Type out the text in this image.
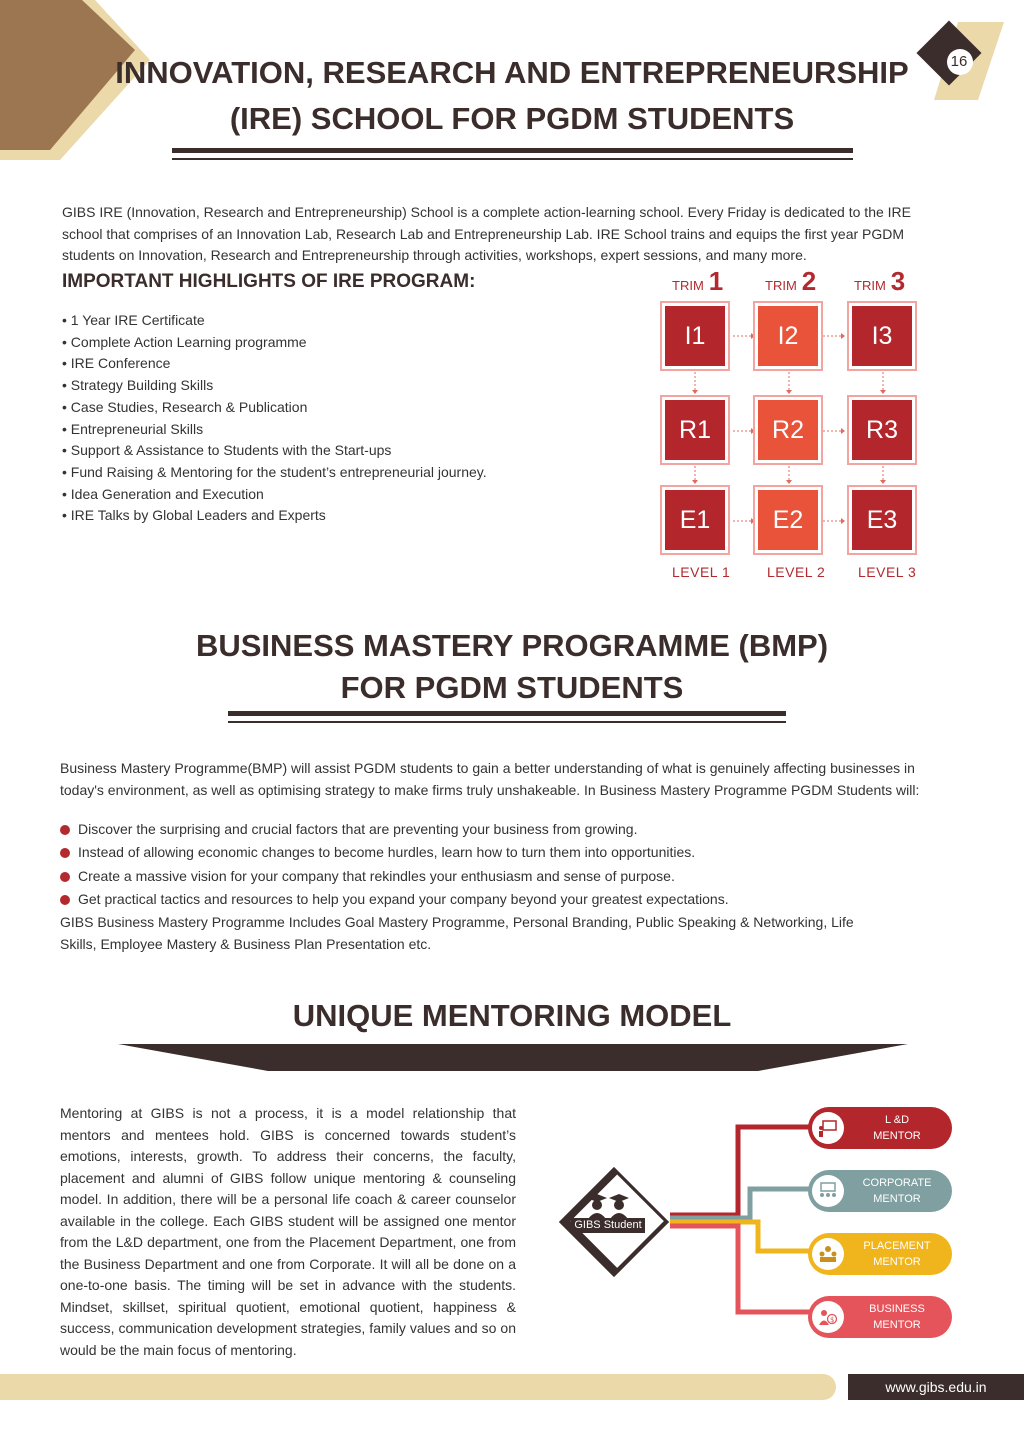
16
INNOVATION, RESEARCH AND ENTREPRENEURSHIP
(IRE) SCHOOL FOR PGDM STUDENTS
GIBS IRE (Innovation, Research and Entrepreneurship) School is a complete action-learning school. Every Friday is dedicated to the IRE school that comprises of an Innovation Lab, Research Lab and Entrepreneurship Lab. IRE School trains and equips the first year PGDM students on Innovation, Research and Entrepreneurship through activities, workshops, expert sessions, and many more.
IMPORTANT HIGHLIGHTS OF IRE PROGRAM:
• 1 Year IRE Certificate
• Complete Action Learning programme
• IRE Conference
• Strategy Building Skills
• Case Studies, Research & Publication
• Entrepreneurial Skills
• Support & Assistance to Students with the Start-ups
• Fund Raising & Mentoring for the student’s entrepreneurial journey.
• Idea Generation and Execution
• IRE Talks by Global Leaders and Experts
TRIM 1	TRIM 2	TRIM 3
I1	I2	I3
R1	R2	R3
E1	E2	E3
LEVEL 1	LEVEL 2 LEVEL 3
BUSINESS MASTERY PROGRAMME (BMP)
FOR PGDM STUDENTS
Business Mastery Programme(BMP) will assist PGDM students to gain a better understanding of what is genuinely affecting businesses in today's environment, as well as optimising strategy to make firms truly unshakeable. In Business Mastery Programme PGDM Students will:
Discover the surprising and crucial factors that are preventing your business from growing.
Instead of allowing economic changes to become hurdles, learn how to turn them into opportunities.
Create a massive vision for your company that rekindles your enthusiasm and sense of purpose.
Get practical tactics and resources to help you expand your company beyond your greatest expectations.
GIBS Business Mastery Programme Includes Goal Mastery Programme, Personal Branding, Public Speaking & Networking, Life Skills, Employee Mastery & Business Plan Presentation etc.
UNIQUE MENTORING MODEL
Mentoring at GIBS is not a process, it is a model relationship that mentors and mentees hold. GIBS is concerned towards student’s emotions, interests, growth. To address their concerns, the faculty, placement and alumni of GIBS follow unique mentoring & counseling model. In addition, there will be a personal life coach & career counselor available in the college. Each GIBS student will be assigned one mentor from the L&D department, one from the Placement Department, one from the Business Department and one from Corporate. It will all be done on a one-to-one basis. The timing will be set in advance with the students. Mindset, skillset, spiritual quotient, emotional quotient, happiness & success, communication development strategies, family values and so on would be the main focus of mentoring.
GIBS Student
L &D
MENTOR
CORPORATE
MENTOR
PLACEMENT
MENTOR
$
BUSINESS
MENTOR
www.gibs.edu.in
